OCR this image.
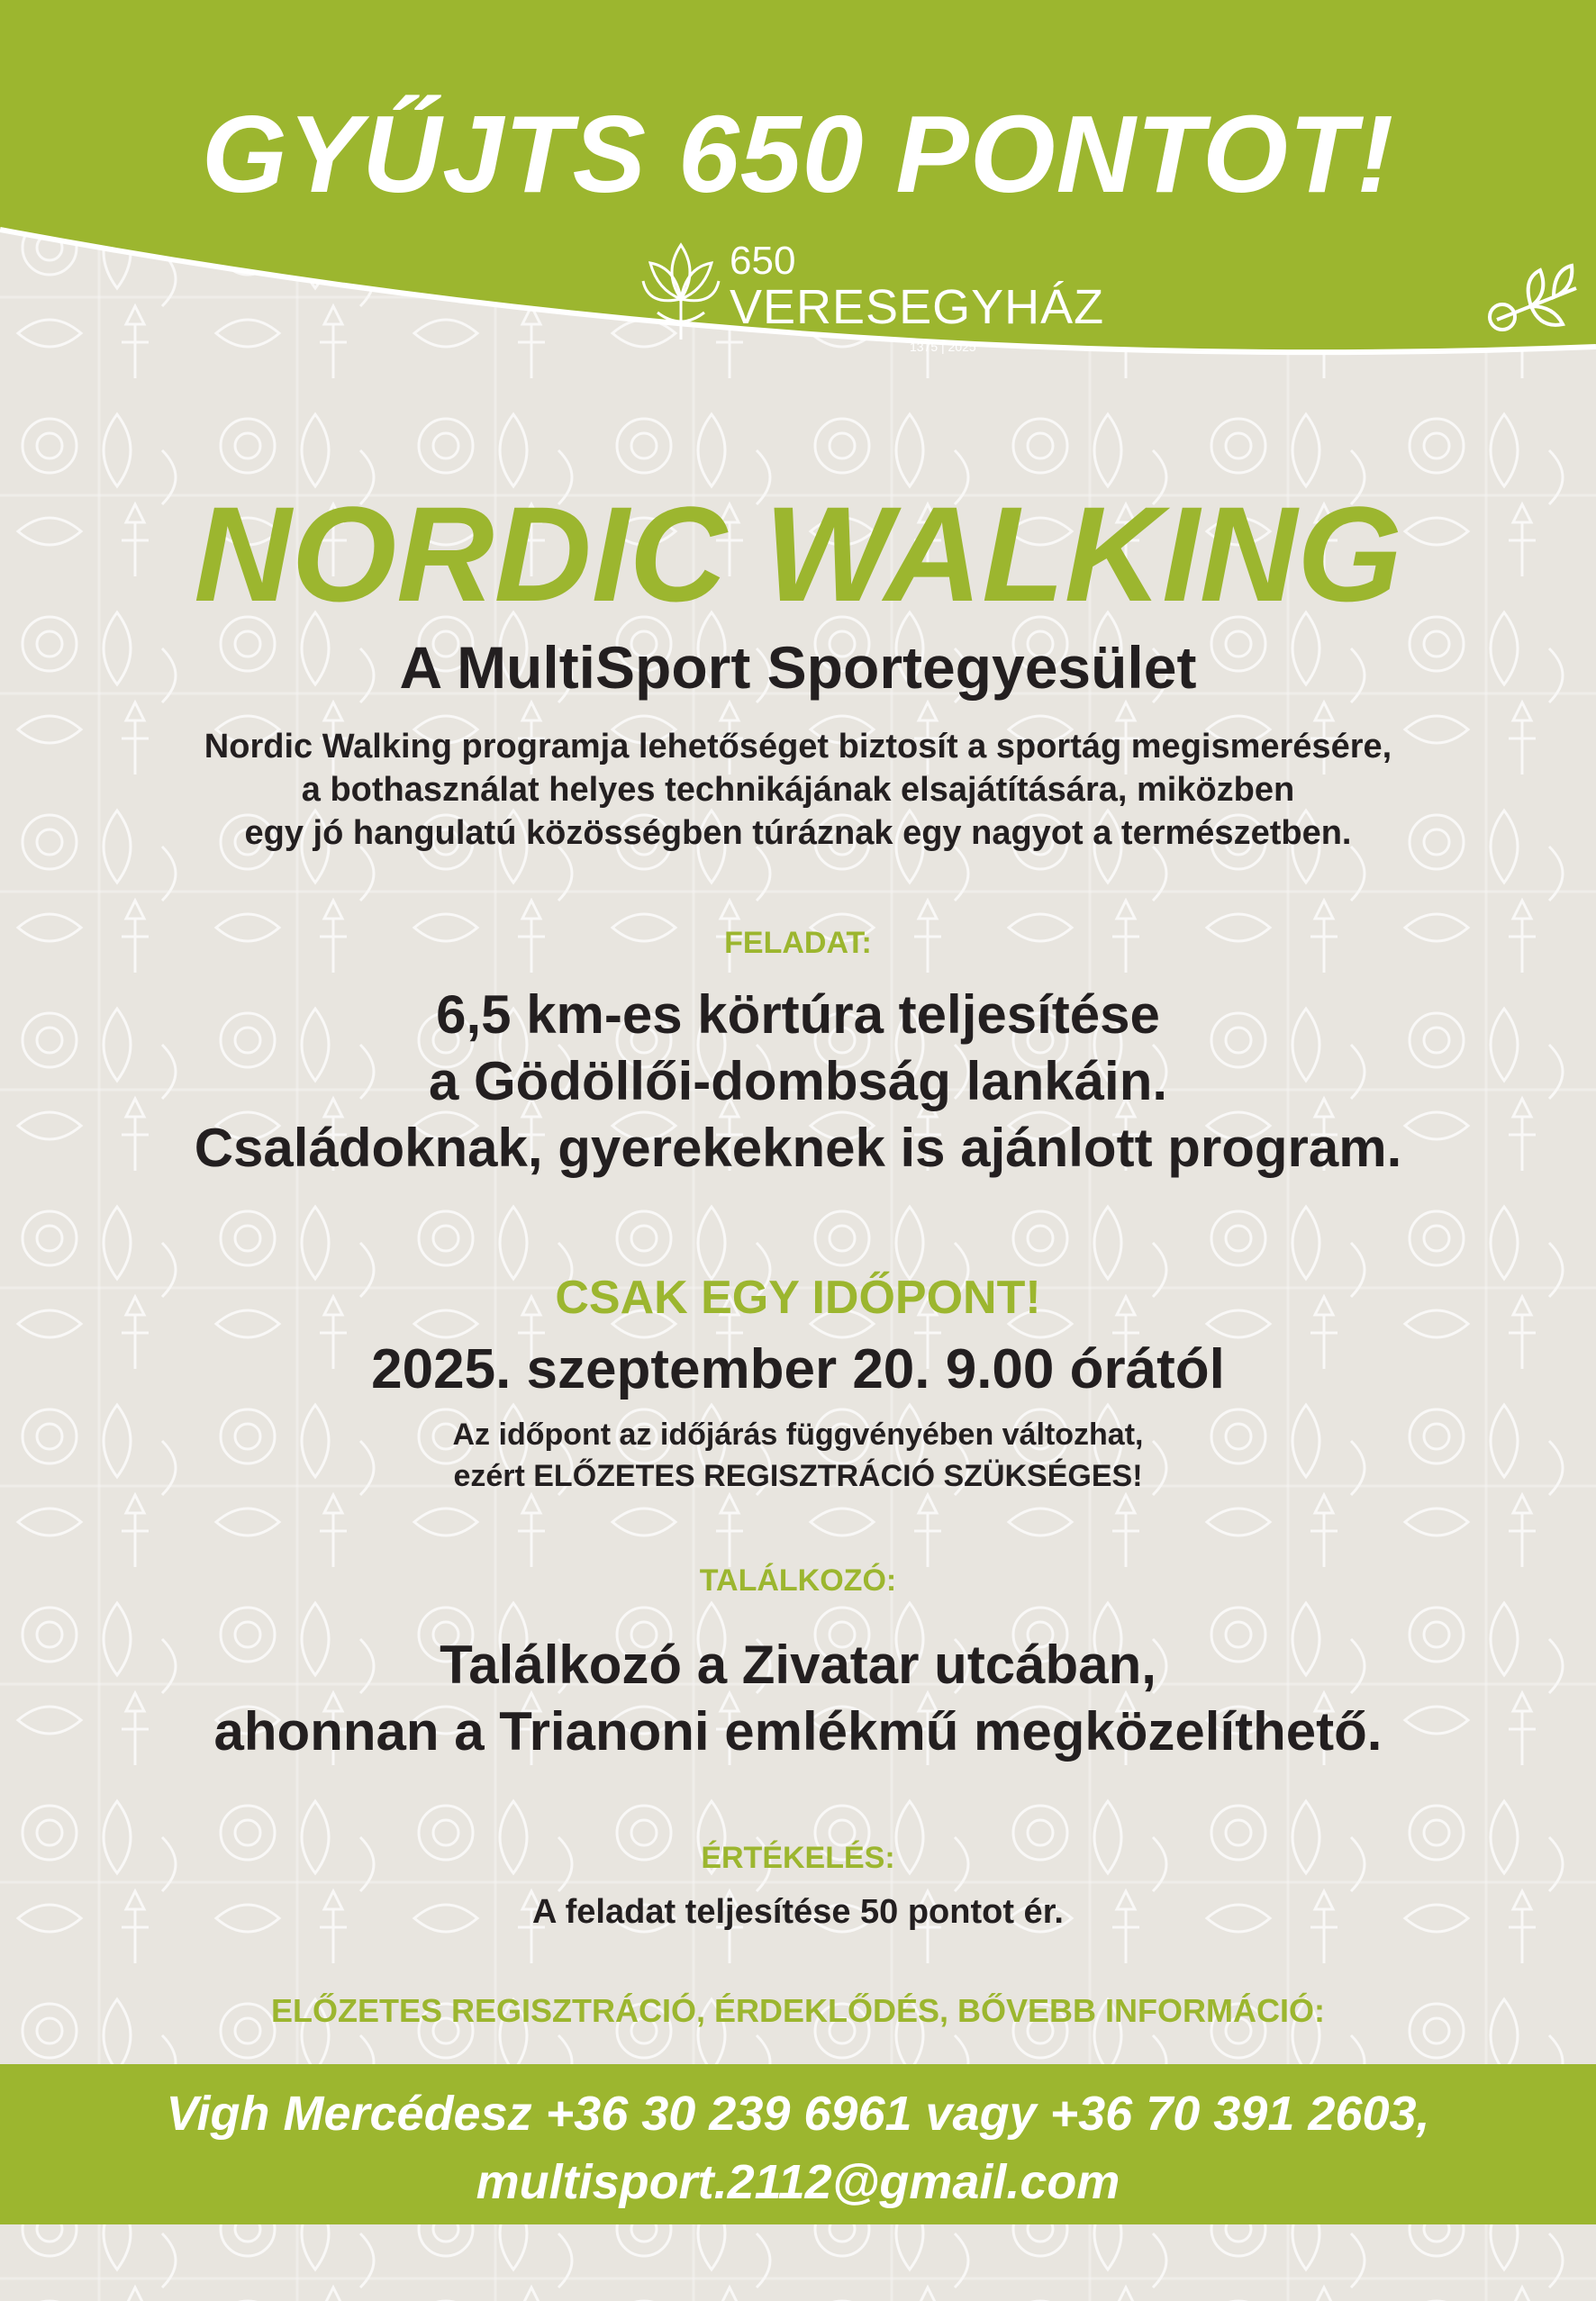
GYŰJTS 650 PONTOT!
650
VERESEGYHÁZ
1375 | 2025
NORDIC WALKING
A MultiSport Sportegyesület
Nordic Walking programja lehetőséget biztosít a sportág megismerésére,
a bothasználat helyes technikájának elsajátítására, miközben
egy jó hangulatú közösségben túráznak egy nagyot a természetben.
FELADAT:
6,5 km-es körtúra teljesítése
a Gödöllői-dombság lankáin.
Családoknak, gyerekeknek is ajánlott program.
CSAK EGY IDŐPONT!
2025. szeptember 20. 9.00 órától
Az időpont az időjárás függvényében változhat,
ezért ELŐZETES REGISZTRÁCIÓ SZÜKSÉGES!
TALÁLKOZÓ:
Találkozó a Zivatar utcában,
ahonnan a Trianoni emlékmű megközelíthető.
ÉRTÉKELÉS:
A feladat teljesítése 50 pontot ér.
ELŐZETES REGISZTRÁCIÓ, ÉRDEKLŐDÉS, BŐVEBB INFORMÁCIÓ:
Vigh Mercédesz +36 30 239 6961 vagy +36 70 391 2603,
multisport.2112@gmail.com
